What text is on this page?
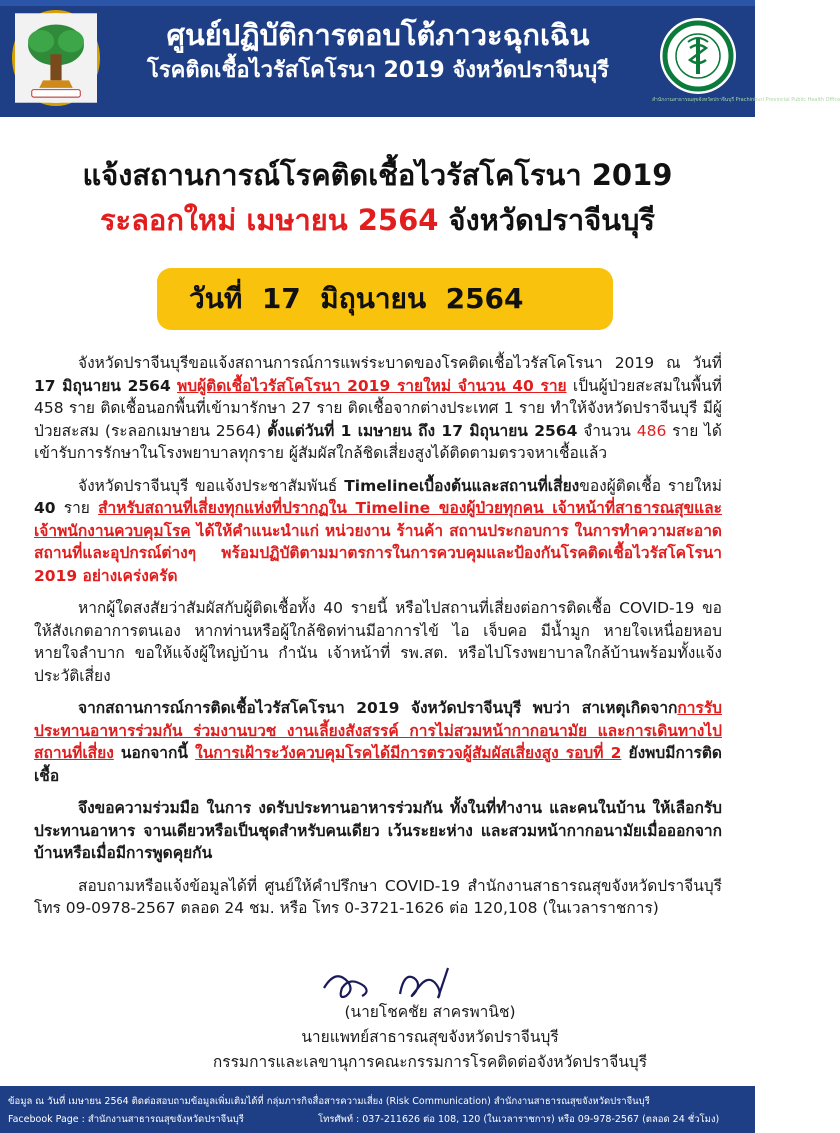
ศูนย์ปฏิบัติการตอบโต้ภาวะฉุกเฉิน
โรคติดเชื้อไวรัสโคโรนา 2019 จังหวัดปราจีนบุรี
สำนักงานสาธารณสุขจังหวัดปราจีนบุรี Prachinburi Provincial Public Health Office
แจ้งสถานการณ์โรคติดเชื้อไวรัสโคโรนา 2019
ระลอกใหม่ เมษายน 2564 จังหวัดปราจีนบุรี
วันที่  17  มิถุนายน  2564

จังหวัดปราจีนบุรีขอแจ้งสถานการณ์การแพร่ระบาดของโรคติดเชื้อไวรัสโคโรนา 2019 ณ วันที่ 17 มิถุนายน 2564 พบผู้ติดเชื้อไวรัสโคโรนา 2019 รายใหม่ จำนวน 40 ราย เป็นผู้ป่วยสะสมในพื้นที่ 458 ราย ติดเชื้อนอกพื้นที่เข้ามารักษา 27 ราย ติดเชื้อจากต่างประเทศ 1 ราย ทำให้จังหวัดปราจีนบุรี มีผู้ป่วยสะสม (ระลอกเมษายน 2564) ตั้งแต่วันที่ 1 เมษายน ถึง 17 มิถุนายน 2564 จำนวน 486 ราย ได้เข้ารับการรักษาในโรงพยาบาลทุกราย ผู้สัมผัสใกล้ชิดเสี่ยงสูงได้ติดตามตรวจหาเชื้อแล้ว

จังหวัดปราจีนบุรี ขอแจ้งประชาสัมพันธ์ Timelineเบื้องต้นและสถานที่เสี่ยงของผู้ติดเชื้อ รายใหม่ 40 ราย สำหรับสถานที่เสี่ยงทุกแห่งที่ปรากฏใน Timeline ของผู้ป่วยทุกคน เจ้าหน้าที่สาธารณสุขและเจ้าพนักงานควบคุมโรค ได้ให้คำแนะนำแก่ หน่วยงาน ร้านค้า สถานประกอบการ ในการทำความสะอาดสถานที่และอุปกรณ์ต่างๆ พร้อมปฏิบัติตามมาตรการในการควบคุมและป้องกันโรคติดเชื้อไวรัสโคโรนา 2019 อย่างเคร่งครัด

หากผู้ใดสงสัยว่าสัมผัสกับผู้ติดเชื้อทั้ง 40 รายนี้ หรือไปสถานที่เสี่ยงต่อการติดเชื้อ COVID-19 ขอให้สังเกตอาการตนเอง หากท่านหรือผู้ใกล้ชิดท่านมีอาการไข้ ไอ เจ็บคอ มีน้ำมูก หายใจเหนื่อยหอบ หายใจลำบาก ขอให้แจ้งผู้ใหญ่บ้าน กำนัน เจ้าหน้าที่ รพ.สต. หรือไปโรงพยาบาลใกล้บ้านพร้อมทั้งแจ้งประวัติเสี่ยง

จากสถานการณ์การติดเชื้อไวรัสโคโรนา 2019 จังหวัดปราจีนบุรี พบว่า สาเหตุเกิดจากการรับประทานอาหารร่วมกัน ร่วมงานบวช งานเลี้ยงสังสรรค์ การไม่สวมหน้ากากอนามัย และการเดินทางไปสถานที่เสี่ยง นอกจากนี้ ในการเฝ้าระวังควบคุมโรคได้มีการตรวจผู้สัมผัสเสี่ยงสูง รอบที่ 2 ยังพบมีการติดเชื้อ

จึงขอความร่วมมือ ในการ งดรับประทานอาหารร่วมกัน ทั้งในที่ทำงาน และคนในบ้าน ให้เลือกรับประทานอาหาร จานเดียวหรือเป็นชุดสำหรับคนเดียว เว้นระยะห่าง และสวมหน้ากากอนามัยเมื่อออกจากบ้านหรือเมื่อมีการพูดคุยกัน

สอบถามหรือแจ้งข้อมูลได้ที่ ศูนย์ให้คำปรึกษา COVID-19 สำนักงานสาธารณสุขจังหวัดปราจีนบุรี โทร 09-0978-2567 ตลอด 24 ชม. หรือ โทร 0-3721-1626 ต่อ 120,108 (ในเวลาราชการ)

(นายโชคชัย สาครพานิช)
นายแพทย์สาธารณสุขจังหวัดปราจีนบุรี
กรรมการและเลขานุการคณะกรรมการโรคติดต่อจังหวัดปราจีนบุรี
ข้อมูล ณ วันที่ เมษายน 2564 ติดต่อสอบถามข้อมูลเพิ่มเติมได้ที่ กลุ่มภารกิจสื่อสารความเสี่ยง (Risk Communication) สำนักงานสาธารณสุขจังหวัดปราจีนบุรี
Facebook Page : สำนักงานสาธารณสุขจังหวัดปราจีนบุรี	โทรศัพท์ : 037-211626 ต่อ 108, 120 (ในเวลาราชการ) หรือ 09-978-2567 (ตลอด 24 ชั่วโมง)
